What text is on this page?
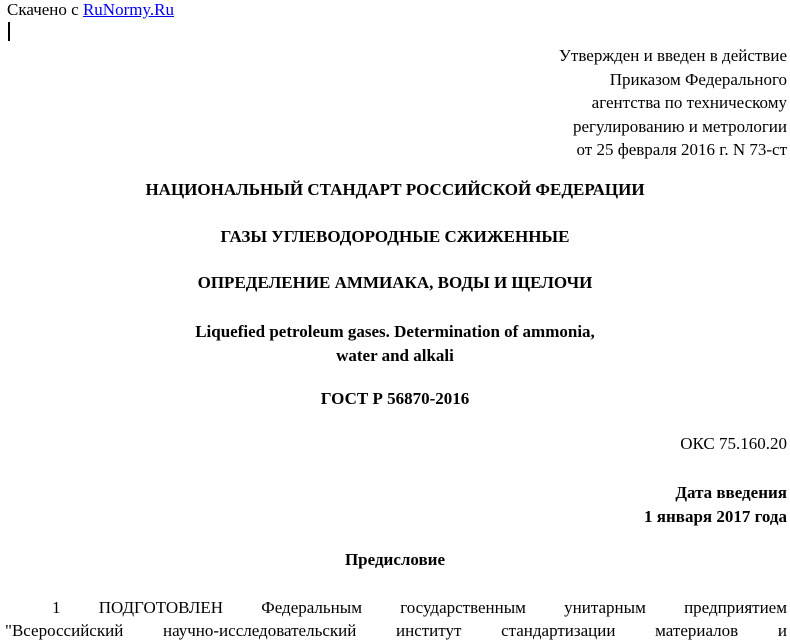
Скачено с RuNormy.Ru
Утвержден и введен в действие
Приказом Федерального
агентства по техническому
регулированию и метрологии
от 25 февраля 2016 г. N 73-ст
НАЦИОНАЛЬНЫЙ СТАНДАРТ РОССИЙСКОЙ ФЕДЕРАЦИИ
ГАЗЫ УГЛЕВОДОРОДНЫЕ СЖИЖЕННЫЕ
ОПРЕДЕЛЕНИЕ АММИАКА, ВОДЫ И ЩЕЛОЧИ
Liquefied petroleum gases. Determination of ammonia,
water and alkali
ГОСТ Р 56870-2016
ОКС 75.160.20
Дата введения
1 января 2017 года
Предисловие
1 ПОДГОТОВЛЕН Федеральным государственным унитарным предприятием
"Всероссийский научно-исследовательский институт стандартизации материалов и
